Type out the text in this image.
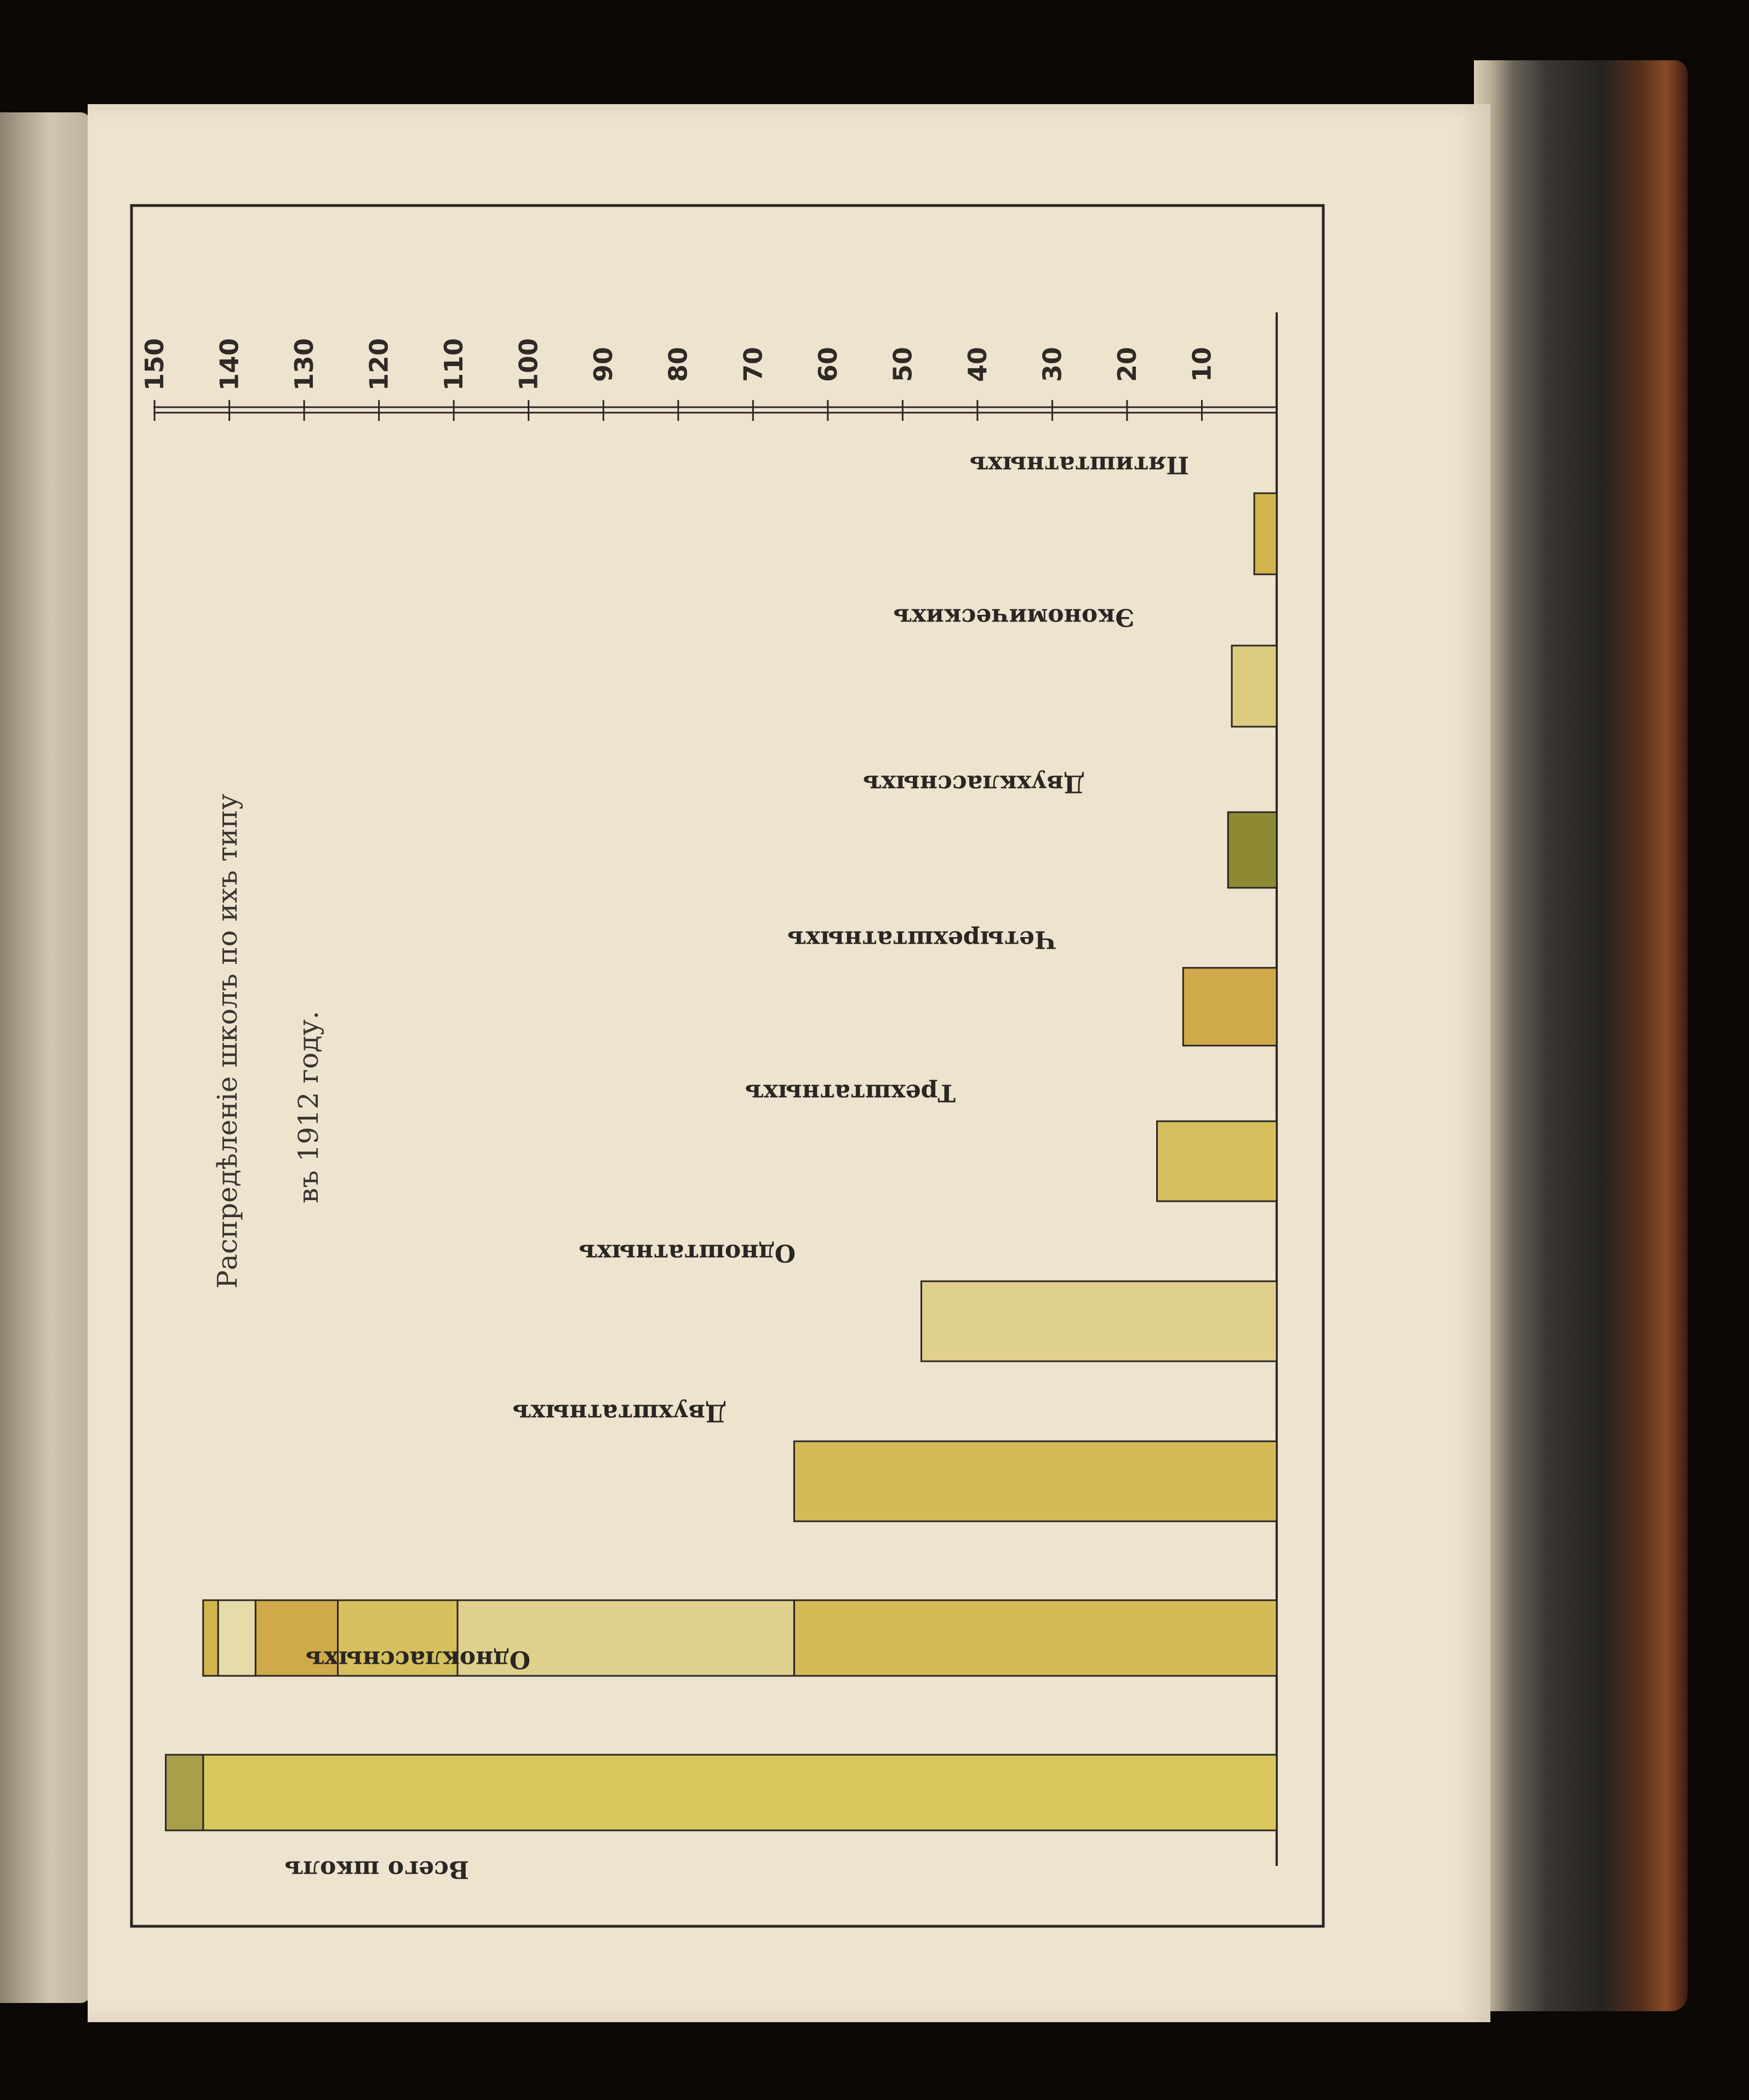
150 140 130 120 110 100 90 80 70 60 50 40 30 20 10
Пятиштатныхъ
Экономическихъ
Двухклассныхъ
Четырехштатныхъ
Трехштатныхъ
Одноштатныхъ
Двухштатныхъ
Одноклассныхъ
Всего школъ
Распредѣленіе школъ по ихъ типу въ 1912 году.
